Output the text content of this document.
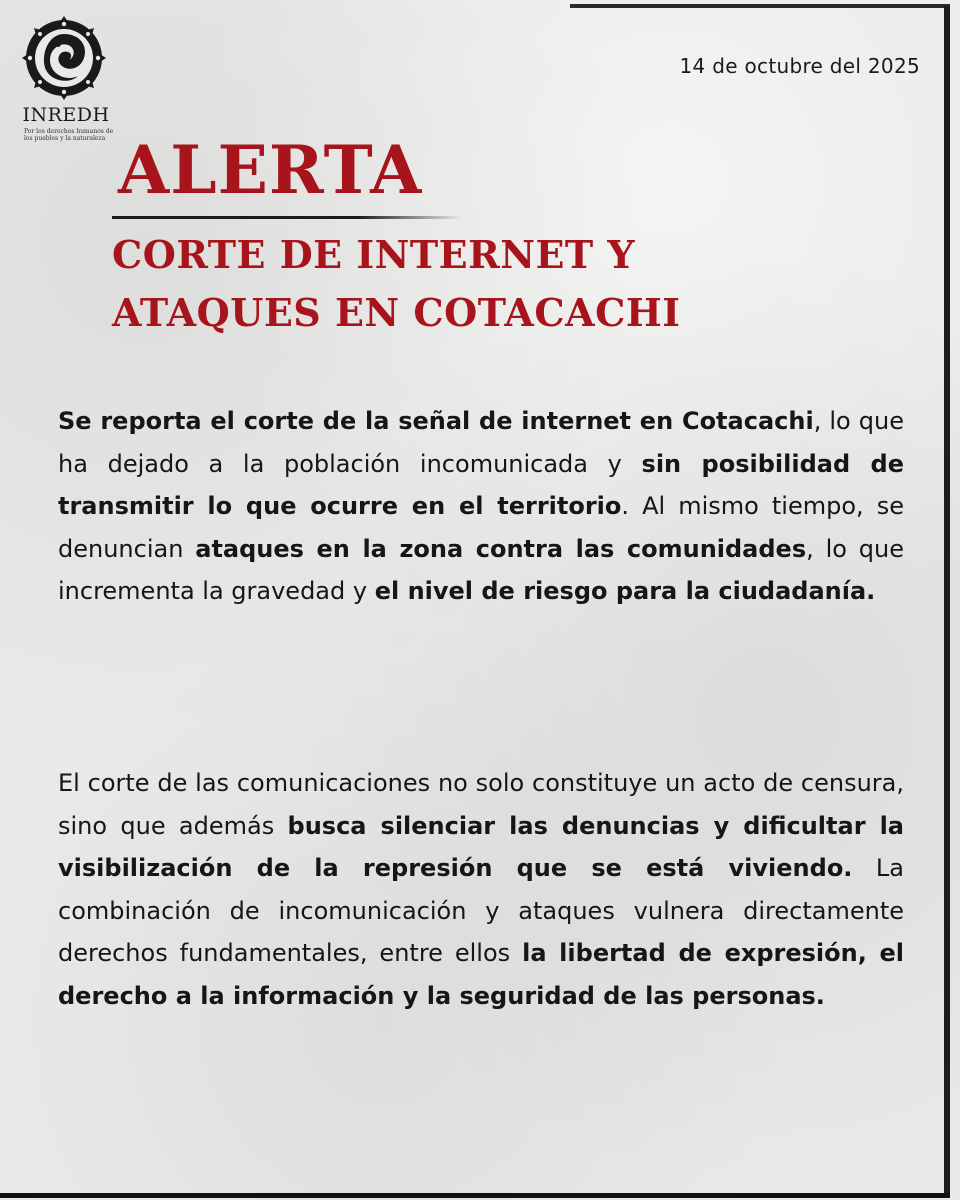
INREDH
Por los derechos humanos de los pueblos y la naturaleza
14 de octubre del 2025
ALERTA
CORTE DE INTERNET Y
ATAQUES EN COTACACHI
Se reporta el corte de la señal de internet en Cotacachi, lo que ha dejado a la población incomunicada y sin posibilidad de transmitir lo que ocurre en el territorio. Al mismo tiempo, se denuncian ataques en la zona contra las comunidades, lo que incrementa la gravedad y el nivel de riesgo para la ciudadanía.
El corte de las comunicaciones no solo constituye un acto de censura, sino que además busca silenciar las denuncias y dificultar la visibilización de la represión que se está viviendo. La combinación de incomunicación y ataques vulnera directamente derechos fundamentales, entre ellos la libertad de expresión, el derecho a la información y la seguridad de las personas.
